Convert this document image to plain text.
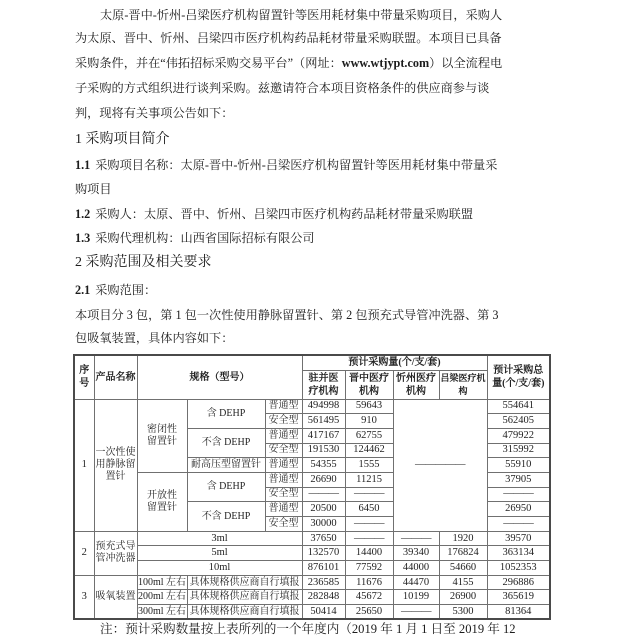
太原-晋中-忻州-吕梁医疗机构留置针等医用耗材集中带量采购项目，采购人
为太原、晋中、忻州、吕梁四市医疗机构药品耗材带量采购联盟。本项目已具备
采购条件，并在“伟拓招标采购交易平台”（网址：www.wtjypt.com）以全流程电
子采购的方式组织进行谈判采购。兹邀请符合本项目资格条件的供应商参与谈
判，现将有关事项公告如下：
1 采购项目简介
1.1 采购项目名称：太原-晋中-忻州-吕梁医疗机构留置针等医用耗材集中带量采
购项目
1.2 采购人：太原、晋中、忻州、吕梁四市医疗机构药品耗材带量采购联盟
1.3 采购代理机构：山西省国际招标有限公司
2 采购范围及相关要求
2.1 采购范围：
本项目分 3 包，第 1 包一次性使用静脉留置针、第 2 包预充式导管冲洗器、第 3
包吸氧装置，具体内容如下：
序号	产品名称	规格（型号）			预计采购量(个/支/套)				预计采购总量(个/支/套)
					驻并医疗机构	晋中医疗机构	忻州医疗机构	吕梁医疗机构	
1	一次性使用静脉留置针	密闭性留置针	含 DEHP	普通型	494998	59643	—————		554641
				安全型	561495	910			562405
			不含 DEHP	普通型	417167	62755			479922
				安全型	191530	124462			315992
			耐高压型留置针	普通型	54355	1555			55910
		开放性留置针	含 DEHP	普通型	26690	11215			37905
				安全型	———	———			———
			不含 DEHP	普通型	20500	6450			26950
				安全型	30000	———			———
2	预充式导管冲洗器	3ml			37650	———	———	1920	39570
		5ml			132570	14400	39340	176824	363134
		10ml			876101	77592	44000	54660	1052353
3	吸氧装置	100ml 左右	具体规格供应商自行填报		236585	11676	44470	4155	296886
		200ml 左右	具体规格供应商自行填报		282848	45672	10199	26900	365619
		300ml 左右	具体规格供应商自行填报		50414	25650	———	5300	81364
注：预计采购数量按上表所列的一个年度内（2019 年 1 月 1 日至 2019 年 12
